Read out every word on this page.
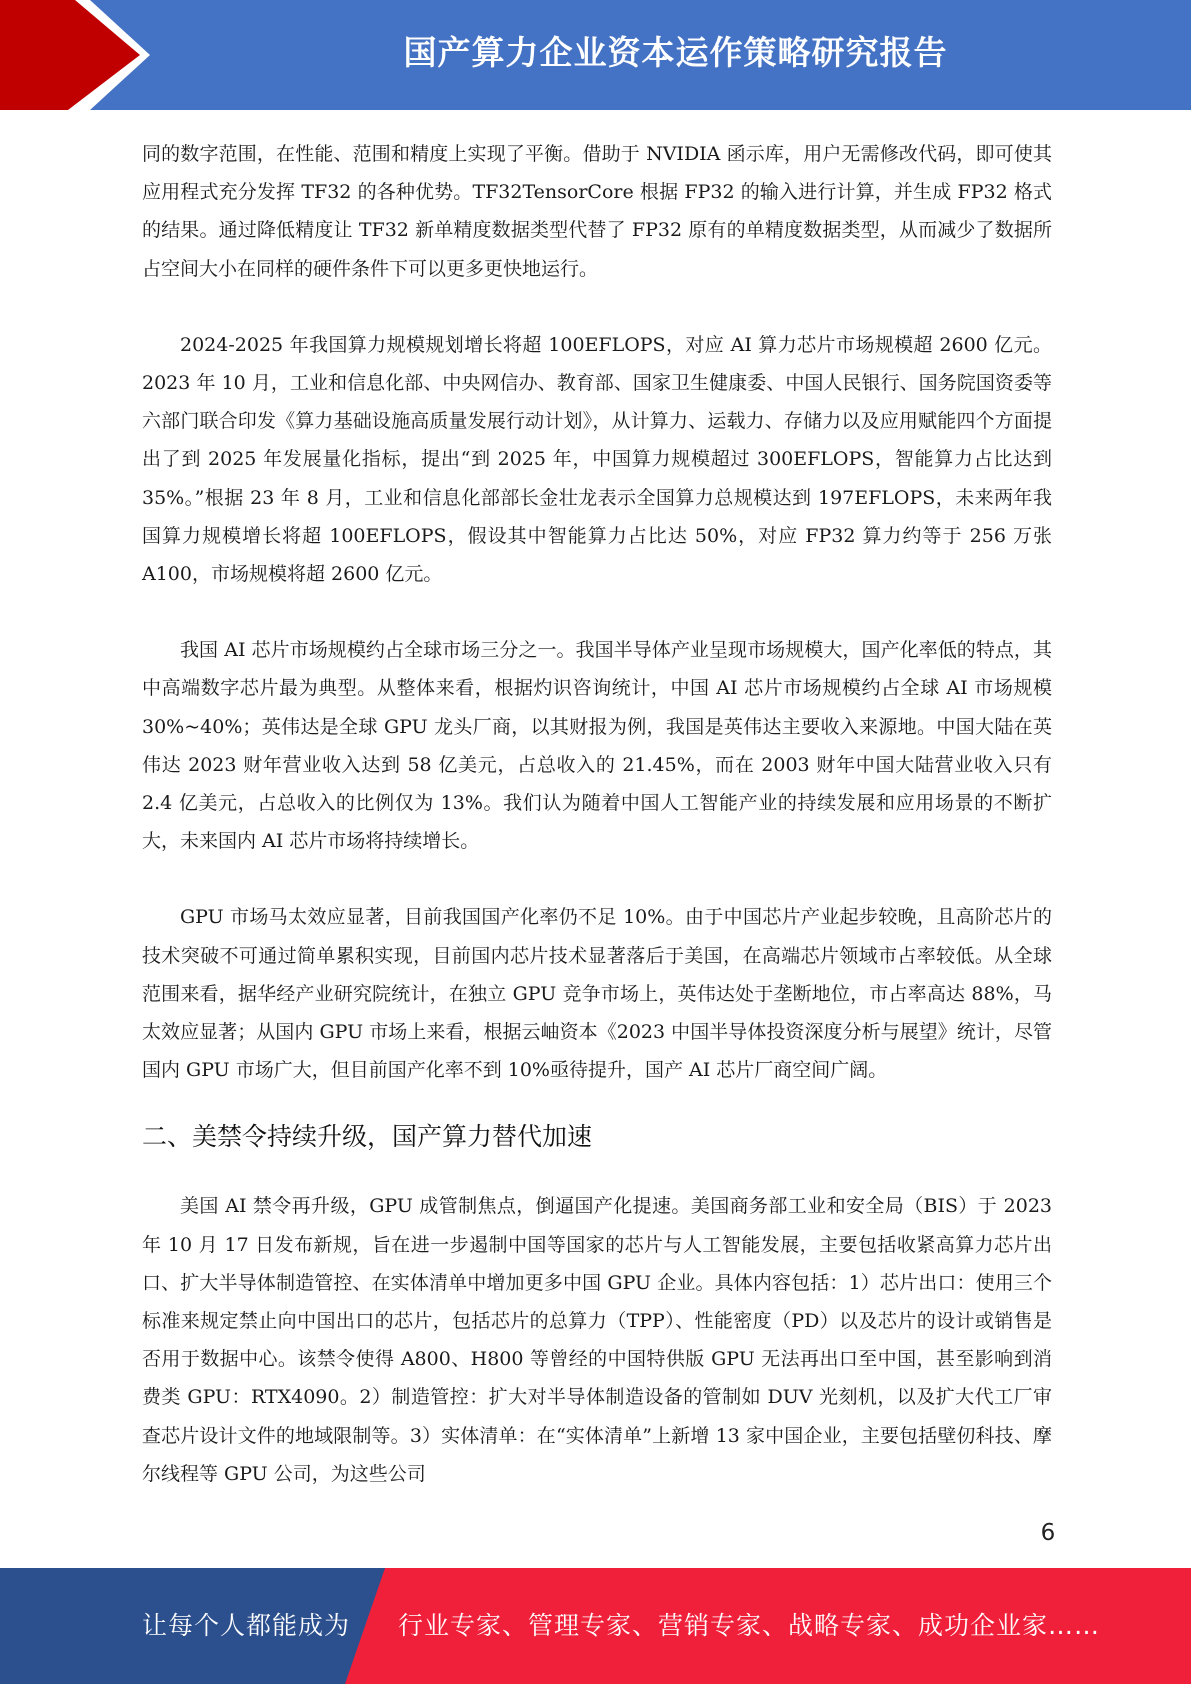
国产算力企业资本运作策略研究报告

同的数字范围，在性能、范围和精度上实现了平衡。借助于 NVIDIA 函示库，用户无需修改代码，即可使其应用程式充分发挥 TF32 的各种优势。TF32TensorCore 根据 FP32 的输入进行计算，并生成 FP32 格式的结果。通过降低精度让 TF32 新单精度数据类型代替了 FP32 原有的单精度数据类型，从而减少了数据所占空间大小在同样的硬件条件下可以更多更快地运行。

2024-2025 年我国算力规模规划增长将超 100EFLOPS，对应 AI 算力芯片市场规模超 2600 亿元。2023 年 10 月，工业和信息化部、中央网信办、教育部、国家卫生健康委、中国人民银行、国务院国资委等六部门联合印发《算力基础设施高质量发展行动计划》，从计算力、运载力、存储力以及应用赋能四个方面提出了到 2025 年发展量化指标，提出“到 2025 年，中国算力规模超过 300EFLOPS，智能算力占比达到 35%。”根据 23 年 8 月，工业和信息化部部长金壮龙表示全国算力总规模达到 197EFLOPS，未来两年我国算力规模增长将超 100EFLOPS，假设其中智能算力占比达 50%，对应 FP32 算力约等于 256 万张 A100，市场规模将超 2600 亿元。

我国 AI 芯片市场规模约占全球市场三分之一。我国半导体产业呈现市场规模大，国产化率低的特点，其中高端数字芯片最为典型。从整体来看，根据灼识咨询统计，中国 AI 芯片市场规模约占全球 AI 市场规模 30%~40%；英伟达是全球 GPU 龙头厂商，以其财报为例，我国是英伟达主要收入来源地。中国大陆在英伟达 2023 财年营业收入达到 58 亿美元，占总收入的 21.45%，而在 2003 财年中国大陆营业收入只有 2.4 亿美元，占总收入的比例仅为 13%。我们认为随着中国人工智能产业的持续发展和应用场景的不断扩大，未来国内 AI 芯片市场将持续增长。

GPU 市场马太效应显著，目前我国国产化率仍不足 10%。由于中国芯片产业起步较晚，且高阶芯片的技术突破不可通过简单累积实现，目前国内芯片技术显著落后于美国，在高端芯片领域市占率较低。从全球范围来看，据华经产业研究院统计，在独立 GPU 竞争市场上，英伟达处于垄断地位，市占率高达 88%，马太效应显著；从国内 GPU 市场上来看，根据云岫资本《2023 中国半导体投资深度分析与展望》统计，尽管国内 GPU 市场广大，但目前国产化率不到 10%亟待提升，国产 AI 芯片厂商空间广阔。

二、美禁令持续升级，国产算力替代加速

美国 AI 禁令再升级，GPU 成管制焦点，倒逼国产化提速。美国商务部工业和安全局（BIS）于 2023 年 10 月 17 日发布新规，旨在进一步遏制中国等国家的芯片与人工智能发展，主要包括收紧高算力芯片出口、扩大半导体制造管控、在实体清单中增加更多中国 GPU 企业。具体内容包括：1）芯片出口：使用三个标准来规定禁止向中国出口的芯片，包括芯片的总算力（TPP）、性能密度（PD）以及芯片的设计或销售是否用于数据中心。该禁令使得 A800、H800 等曾经的中国特供版 GPU 无法再出口至中国，甚至影响到消费类 GPU：RTX4090。2）制造管控：扩大对半导体制造设备的管制如 DUV 光刻机，以及扩大代工厂审查芯片设计文件的地域限制等。3）实体清单：在“实体清单”上新增 13 家中国企业，主要包括壁仞科技、摩尔线程等 GPU 公司，为这些公司

6
让每个人都能成为 行业专家、管理专家、营销专家、战略专家、成功企业家……
